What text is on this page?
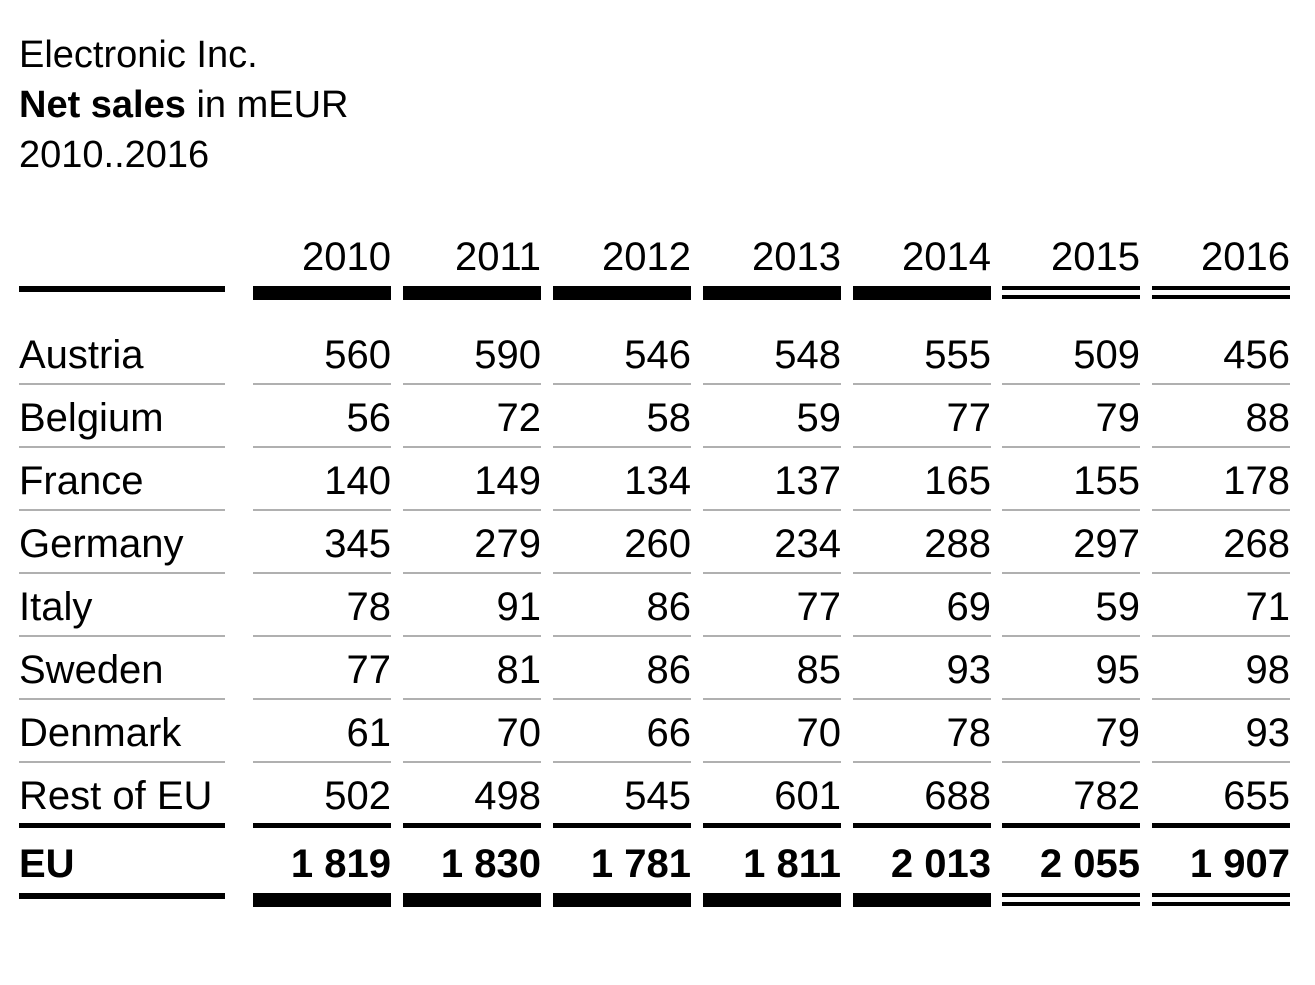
Electronic Inc.
Net sales in mEUR
2010..2016
2010	2011	2012	2013	2014	2015	2016
Austria	560	590	546	548	555	509	456
Belgium	56	72	58	59	77	79	88
France	140	149	134	137	165	155	178
Germany	345	279	260	234	288	297	268
Italy	78	91	86	77	69	59	71
Sweden	77	81	86	85	93	95	98
Denmark	61	70	66	70	78	79	93
Rest of EU	502	498	545	601	688	782	655
EU	1 819	1 830	1 781	1 811	2 013	2 055	1 907
